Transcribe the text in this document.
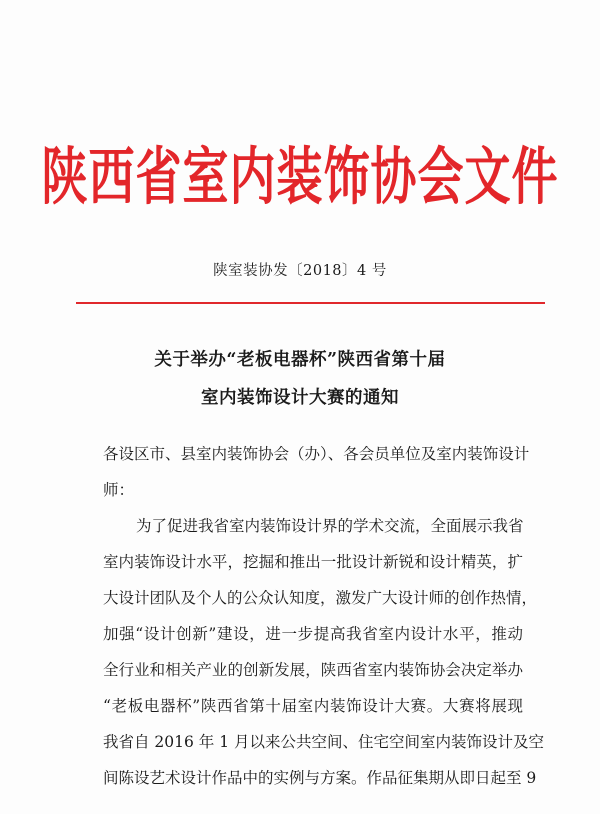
陕西省室内装饰协会文件
陕室装协发〔2018〕4 号
关于举办“老板电器杯”陕西省第十届
室内装饰设计大赛的通知
各设区市、县室内装饰协会（办）、各会员单位及室内装饰设计
师：
为了促进我省室内装饰设计界的学术交流，全面展示我省
室内装饰设计水平，挖掘和推出一批设计新锐和设计精英，扩
大设计团队及个人的公众认知度，激发广大设计师的创作热情，
加强“设计创新”建设，进一步提高我省室内设计水平，推动
全行业和相关产业的创新发展，陕西省室内装饰协会决定举办
“老板电器杯”陕西省第十届室内装饰设计大赛。大赛将展现
我省自 2016 年 1 月以来公共空间、住宅空间室内装饰设计及空
间陈设艺术设计作品中的实例与方案。作品征集期从即日起至 9
